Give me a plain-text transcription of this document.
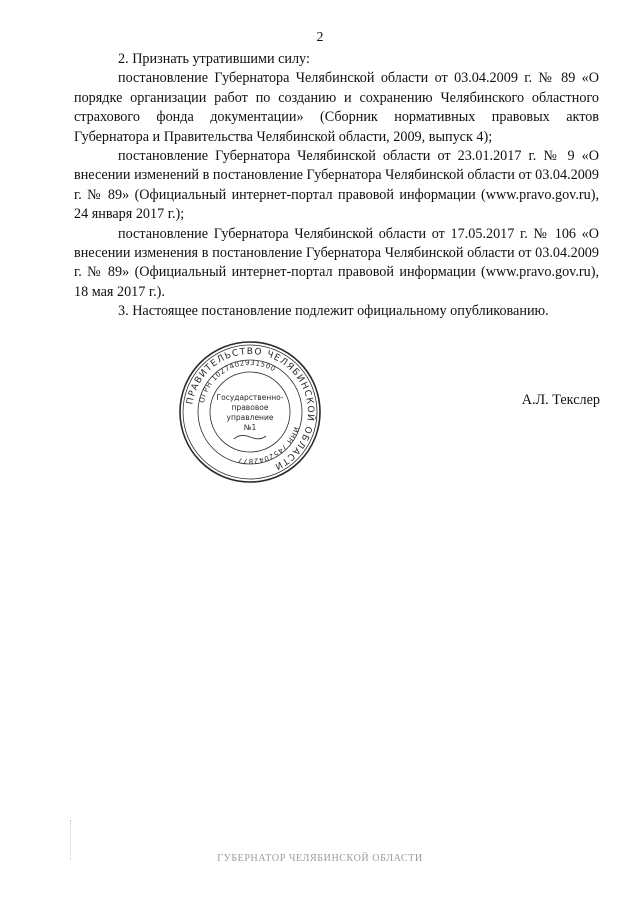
2

2. Признать утратившими силу:

постановление Губернатора Челябинской области от 03.04.2009 г. № 89 «О порядке организации работ по созданию и сохранению Челябинского областного страхового фонда документации» (Сборник нормативных правовых актов Губернатора и Правительства Челябинской области, 2009, выпуск 4);

постановление Губернатора Челябинской области от 23.01.2017 г. № 9 «О внесении изменений в постановление Губернатора Челябинской области от 03.04.2009 г. № 89» (Официальный интернет-портал правовой информации (www.pravo.gov.ru), 24 января 2017 г.);

постановление Губернатора Челябинской области от 17.05.2017 г. № 106 «О внесении изменения в постановление Губернатора Челябинской области от 03.04.2009 г. № 89» (Официальный интернет-портал правовой информации (www.pravo.gov.ru), 18 мая 2017 г.).

3. Настоящее постановление подлежит официальному опубликованию.

ПРАВИТЕЛЬСТВО ЧЕЛЯБИНСКОЙ ОБЛАСТИ
ОГРН 1027402931500
ИНН 7452042877
Государственно-
правовое
управление
№1
А.Л. Текслер
ГУБЕРНАТОР ЧЕЛЯБИНСКОЙ ОБЛАСТИ
